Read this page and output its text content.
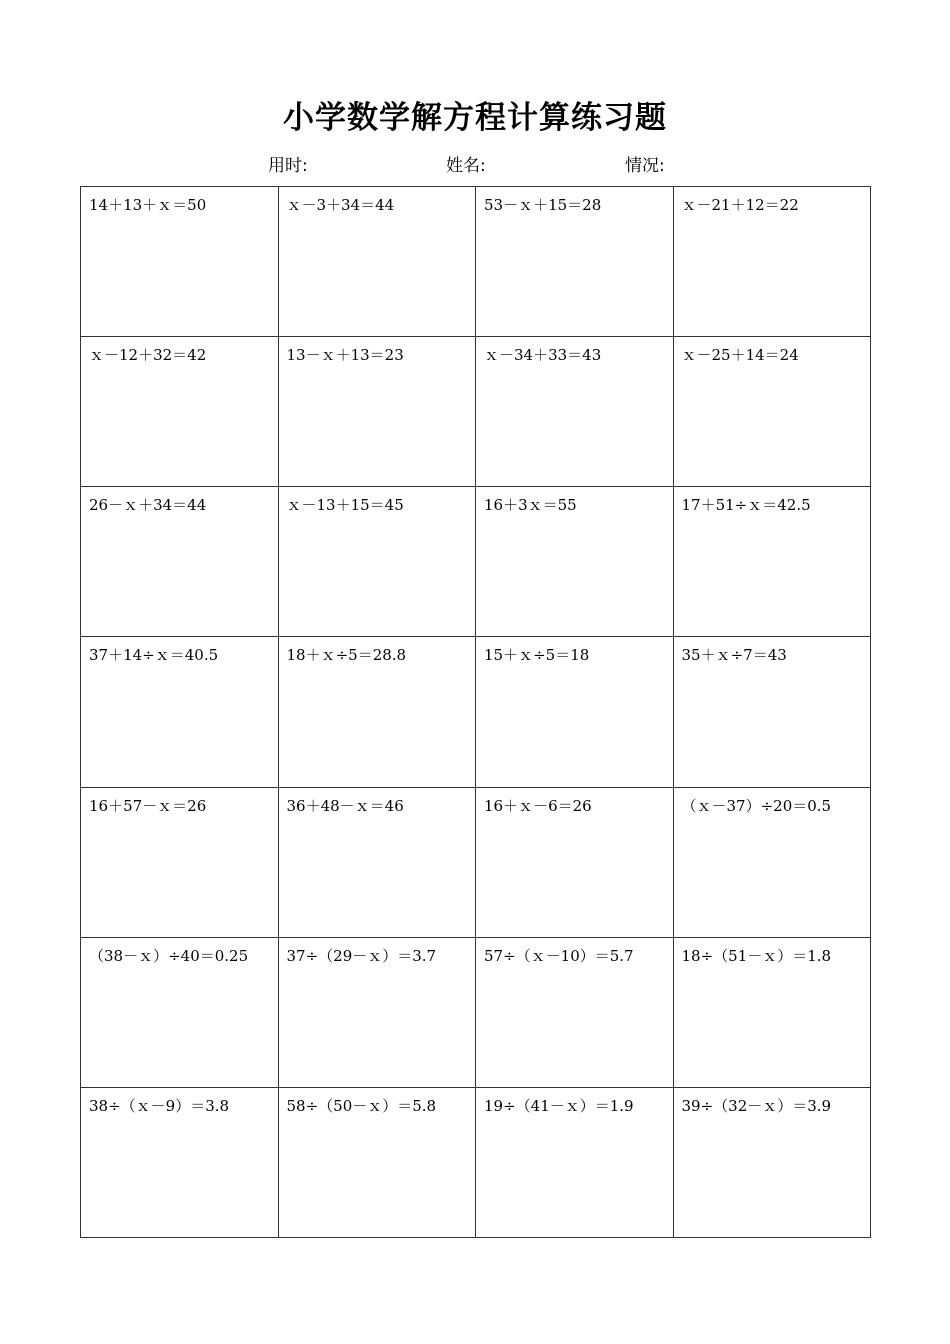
小学数学解方程计算练习题
用时:	姓名:	情况:
14＋13＋ｘ＝50	ｘ－3＋34＝44	53－ｘ＋15＝28	ｘ－21＋12＝22
ｘ－12＋32＝42	13－ｘ＋13＝23	ｘ－34＋33＝43	ｘ－25＋14＝24
26－ｘ＋34＝44	ｘ－13＋15＝45	16＋3ｘ＝55	17＋51÷ｘ＝42.5
37＋14÷ｘ＝40.5	18＋ｘ÷5＝28.8	15＋ｘ÷5＝18	35＋ｘ÷7＝43
16＋57－ｘ＝26	36＋48－ｘ＝46	16＋ｘ－6＝26	（ｘ－37）÷20＝0.5
（38－ｘ）÷40＝0.25	37÷（29－ｘ）＝3.7	57÷（ｘ－10）＝5.7	18÷（51－ｘ）＝1.8
38÷（ｘ－9）＝3.8	58÷（50－ｘ）＝5.8	19÷（41－ｘ）＝1.9	39÷（32－ｘ）＝3.9
